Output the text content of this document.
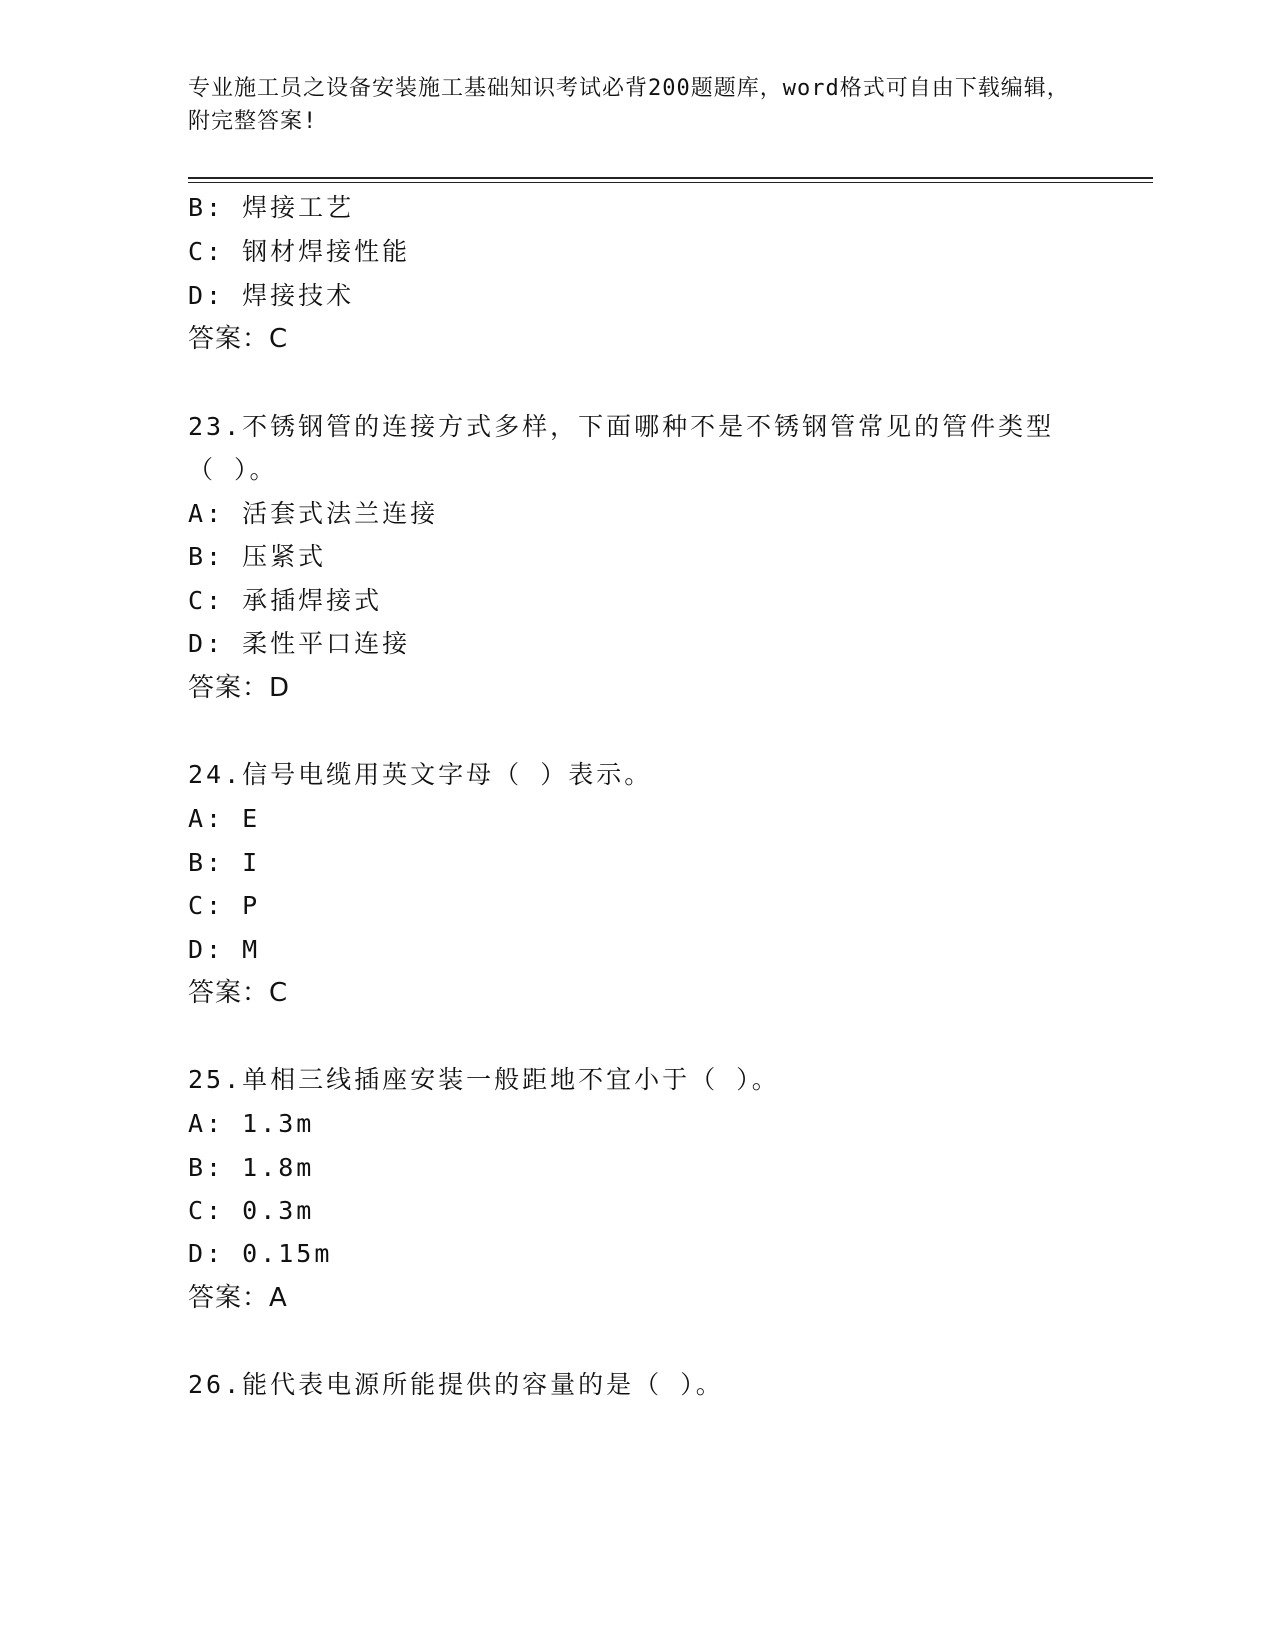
专业施工员之设备安装施工基础知识考试必背200题题库，word格式可自由下载编辑，附完整答案!
B: 焊接工艺
C: 钢材焊接性能
D: 焊接技术
答案：C
23.不锈钢管的连接方式多样，下面哪种不是不锈钢管常见的管件类型
（ ）。
A: 活套式法兰连接
B: 压紧式
C: 承插焊接式
D: 柔性平口连接
答案：D
24.信号电缆用英文字母（ ）表示。
A: E
B: I
C: P
D: M
答案：C
25.单相三线插座安装一般距地不宜小于（ ）。
A: 1.3m
B: 1.8m
C: 0.3m
D: 0.15m
答案：A
26.能代表电源所能提供的容量的是（ ）。
